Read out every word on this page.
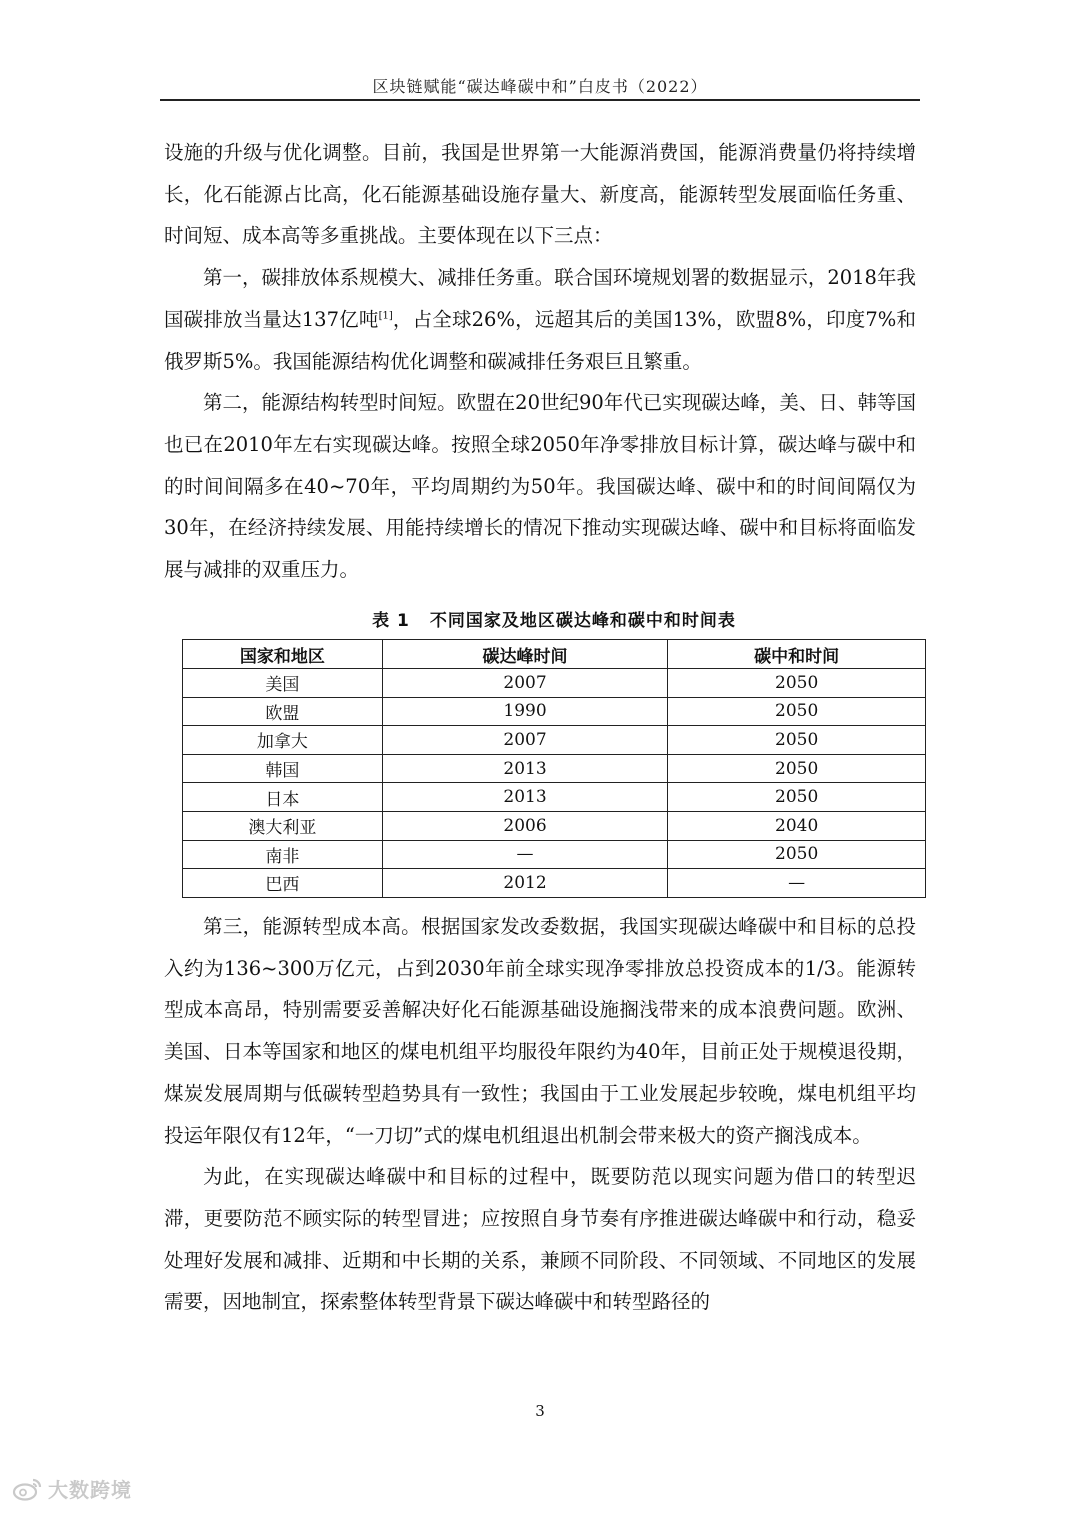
区块链赋能“碳达峰碳中和”白皮书（2022）

设施的升级与优化调整。目前，我国是世界第一大能源消费国，能源消费量仍将持续增长，化石能源占比高，化石能源基础设施存量大、新度高，能源转型发展面临任务重、时间短、成本高等多重挑战。主要体现在以下三点：

第一，碳排放体系规模大、减排任务重。联合国环境规划署的数据显示，2018年我国碳排放当量达137亿吨[1]，占全球26%，远超其后的美国13%，欧盟8%，印度7%和俄罗斯5%。我国能源结构优化调整和碳减排任务艰巨且繁重。

第二，能源结构转型时间短。欧盟在20世纪90年代已实现碳达峰，美、日、韩等国也已在2010年左右实现碳达峰。按照全球2050年净零排放目标计算，碳达峰与碳中和的时间间隔多在40~70年，平均周期约为50年。我国碳达峰、碳中和的时间间隔仅为30年，在经济持续发展、用能持续增长的情况下推动实现碳达峰、碳中和目标将面临发展与减排的双重压力。

表 1 不同国家及地区碳达峰和碳中和时间表
国家和地区	碳达峰时间	碳中和时间
美国	2007	2050
欧盟	1990	2050
加拿大	2007	2050
韩国	2013	2050
日本	2013	2050
澳大利亚	2006	2040
南非	—	2050
巴西	2012	—

第三，能源转型成本高。根据国家发改委数据，我国实现碳达峰碳中和目标的总投入约为136~300万亿元，占到2030年前全球实现净零排放总投资成本的1/3。能源转型成本高昂，特别需要妥善解决好化石能源基础设施搁浅带来的成本浪费问题。欧洲、美国、日本等国家和地区的煤电机组平均服役年限约为40年，目前正处于规模退役期，煤炭发展周期与低碳转型趋势具有一致性；我国由于工业发展起步较晚，煤电机组平均投运年限仅有12年，“一刀切”式的煤电机组退出机制会带来极大的资产搁浅成本。

为此，在实现碳达峰碳中和目标的过程中，既要防范以现实问题为借口的转型迟滞，更要防范不顾实际的转型冒进；应按照自身节奏有序推进碳达峰碳中和行动，稳妥处理好发展和减排、近期和中长期的关系，兼顾不同阶段、不同领域、不同地区的发展需要，因地制宜，探索整体转型背景下碳达峰碳中和转型路径的

3
大数跨境
